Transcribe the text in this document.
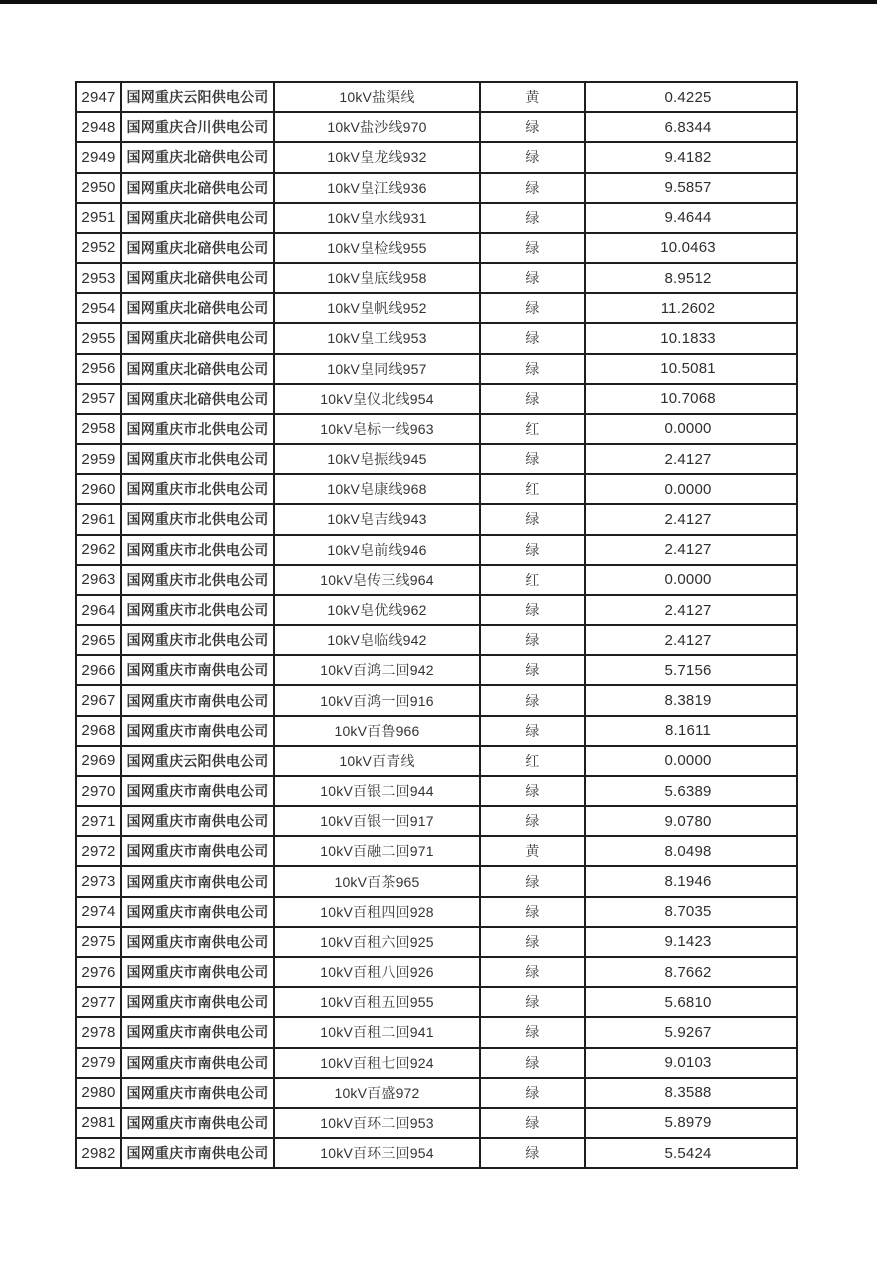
2947 国网重庆云阳供电公司	10kV盐渠线	黄	0.4225
2948 国网重庆合川供电公司	10kV盐沙线970	绿	6.8344
2949 国网重庆北碚供电公司	10kV皇龙线932	绿	9.4182
2950 国网重庆北碚供电公司	10kV皇江线936	绿	9.5857
2951 国网重庆北碚供电公司	10kV皇水线931	绿	9.4644
2952 国网重庆北碚供电公司	10kV皇检线955	绿	10.0463
2953 国网重庆北碚供电公司	10kV皇底线958	绿	8.9512
2954 国网重庆北碚供电公司	10kV皇帆线952	绿	11.2602
2955 国网重庆北碚供电公司	10kV皇工线953	绿	10.1833
2956 国网重庆北碚供电公司	10kV皇同线957	绿	10.5081
2957 国网重庆北碚供电公司	10kV皇仪北线954	绿	10.7068
2958 国网重庆市北供电公司	10kV皂标一线963	红	0.0000
2959 国网重庆市北供电公司	10kV皂振线945	绿	2.4127
2960 国网重庆市北供电公司	10kV皂康线968	红	0.0000
2961 国网重庆市北供电公司	10kV皂吉线943	绿	2.4127
2962 国网重庆市北供电公司	10kV皂前线946	绿	2.4127
2963 国网重庆市北供电公司	10kV皂传三线964	红	0.0000
2964 国网重庆市北供电公司	10kV皂优线962	绿	2.4127
2965 国网重庆市北供电公司	10kV皂临线942	绿	2.4127
2966 国网重庆市南供电公司	10kV百鸿二回942	绿	5.7156
2967 国网重庆市南供电公司	10kV百鸿一回916	绿	8.3819
2968 国网重庆市南供电公司	10kV百鲁966	绿	8.1611
2969 国网重庆云阳供电公司	10kV百青线	红	0.0000
2970 国网重庆市南供电公司	10kV百银二回944	绿	5.6389
2971 国网重庆市南供电公司	10kV百银一回917	绿	9.0780
2972 国网重庆市南供电公司	10kV百融二回971	黄	8.0498
2973 国网重庆市南供电公司	10kV百茶965	绿	8.1946
2974 国网重庆市南供电公司	10kV百租四回928	绿	8.7035
2975 国网重庆市南供电公司	10kV百租六回925	绿	9.1423
2976 国网重庆市南供电公司	10kV百租八回926	绿	8.7662
2977 国网重庆市南供电公司	10kV百租五回955	绿	5.6810
2978 国网重庆市南供电公司	10kV百租二回941	绿	5.9267
2979 国网重庆市南供电公司	10kV百租七回924	绿	9.0103
2980 国网重庆市南供电公司	10kV百盛972	绿	8.3588
2981 国网重庆市南供电公司	10kV百环二回953	绿	5.8979
2982 国网重庆市南供电公司	10kV百环三回954	绿	5.5424
